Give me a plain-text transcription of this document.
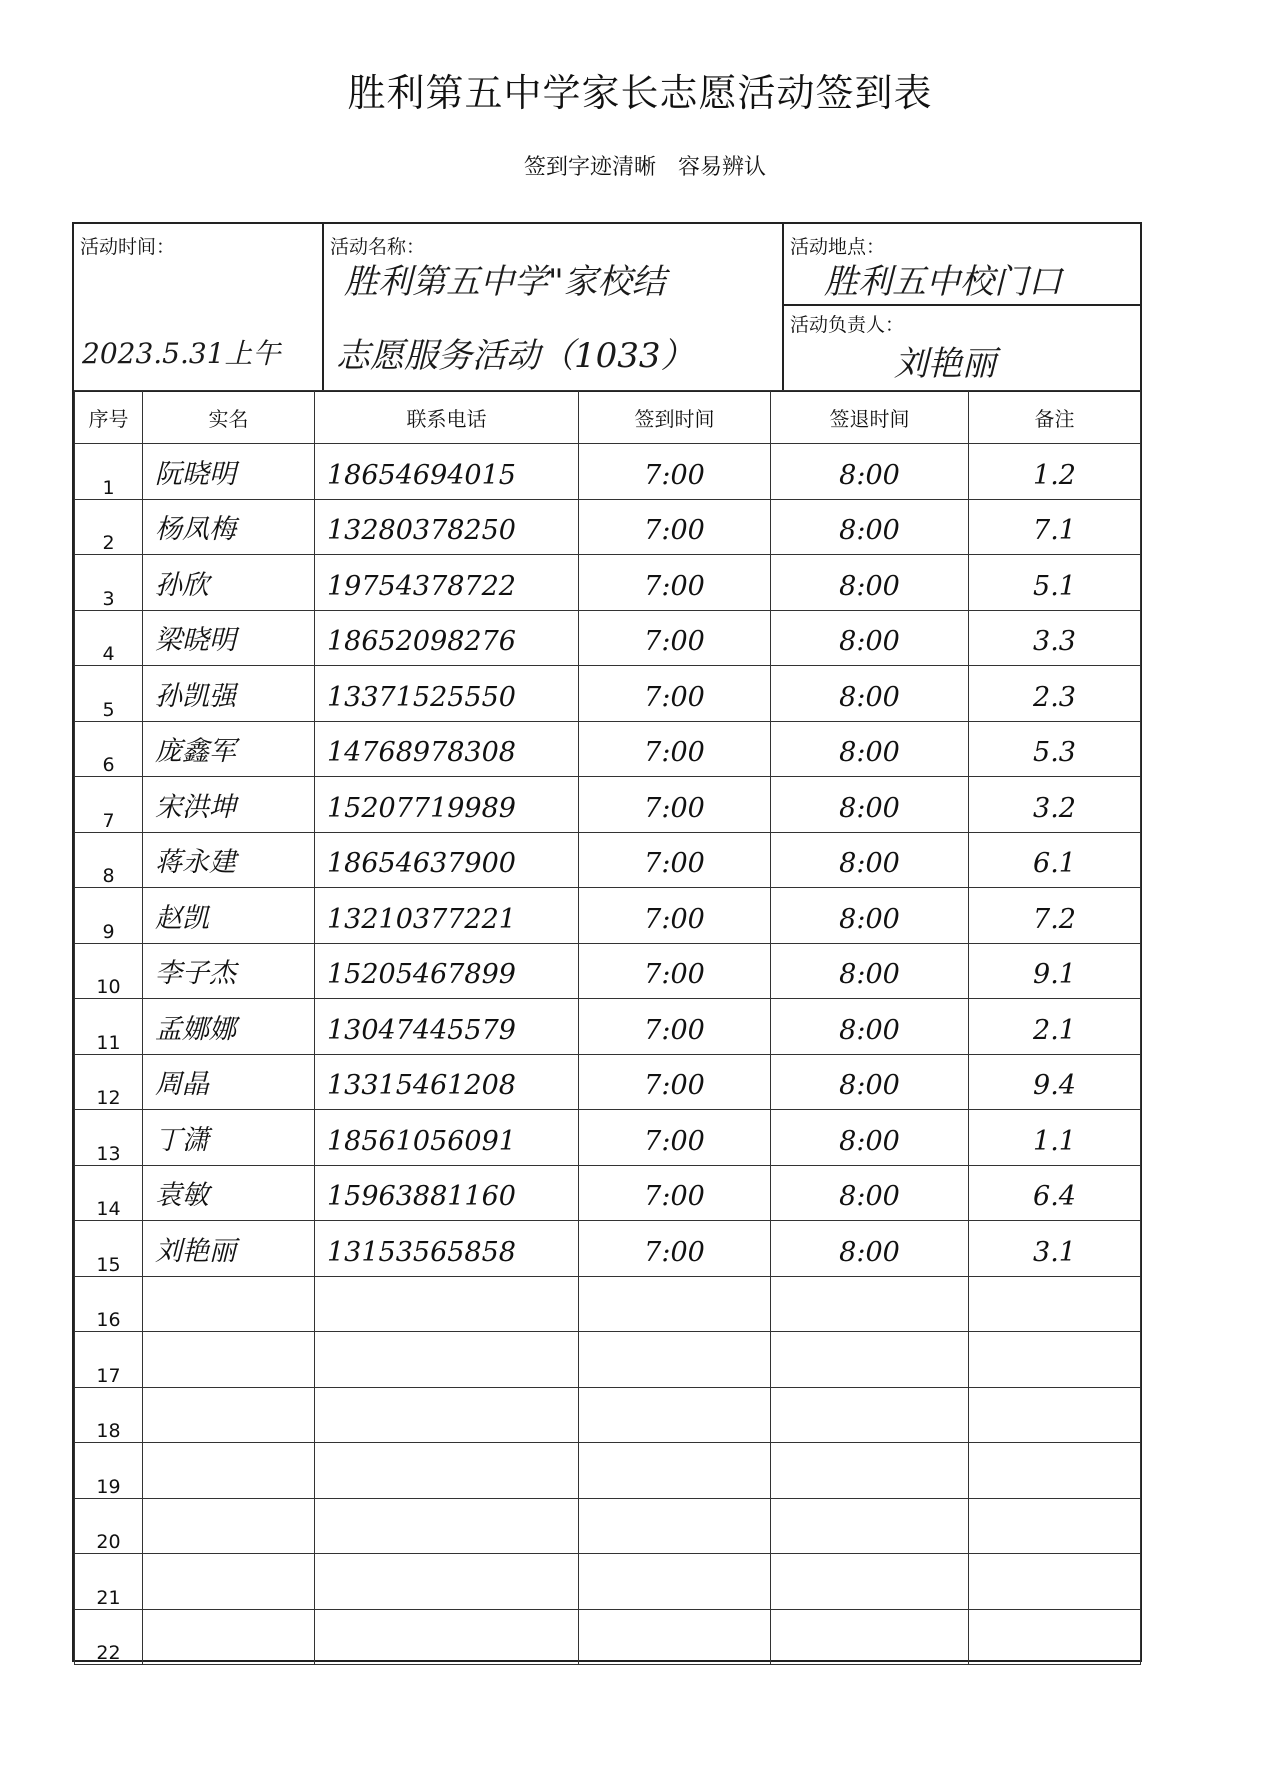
胜利第五中学家长志愿活动签到表
签到字迹清晰　容易辨认
活动时间：
2023.5.31上午
活动名称：
胜利第五中学"家校结
志愿服务活动（1033）
活动地点：
胜利五中校门口
活动负责人：
刘艳丽
序号	实名	联系电话	签到时间	签退时间	备注
1	阮晓明	18654694015	7:00	8:00	1.2

2	杨凤梅	13280378250	7:00	8:00	7.1

3	孙欣	19754378722	7:00	8:00	5.1

4	梁晓明	18652098276	7:00	8:00	3.3

5	孙凯强	13371525550	7:00	8:00	2.3

6	庞鑫军	14768978308	7:00	8:00	5.3

7	宋洪坤	15207719989	7:00	8:00	3.2

8	蒋永建	18654637900	7:00	8:00	6.1

9	赵凯	13210377221	7:00	8:00	7.2

10	李子杰	15205467899	7:00	8:00	9.1

11	孟娜娜	13047445579	7:00	8:00	2.1

12	周晶	13315461208	7:00	8:00	9.4

13	丁潇	18561056091	7:00	8:00	1.1

14	袁敏	15963881160	7:00	8:00	6.4

15	刘艳丽	13153565858	7:00	8:00	3.1

16	

17	

18	

19	

20	

21	

22	
